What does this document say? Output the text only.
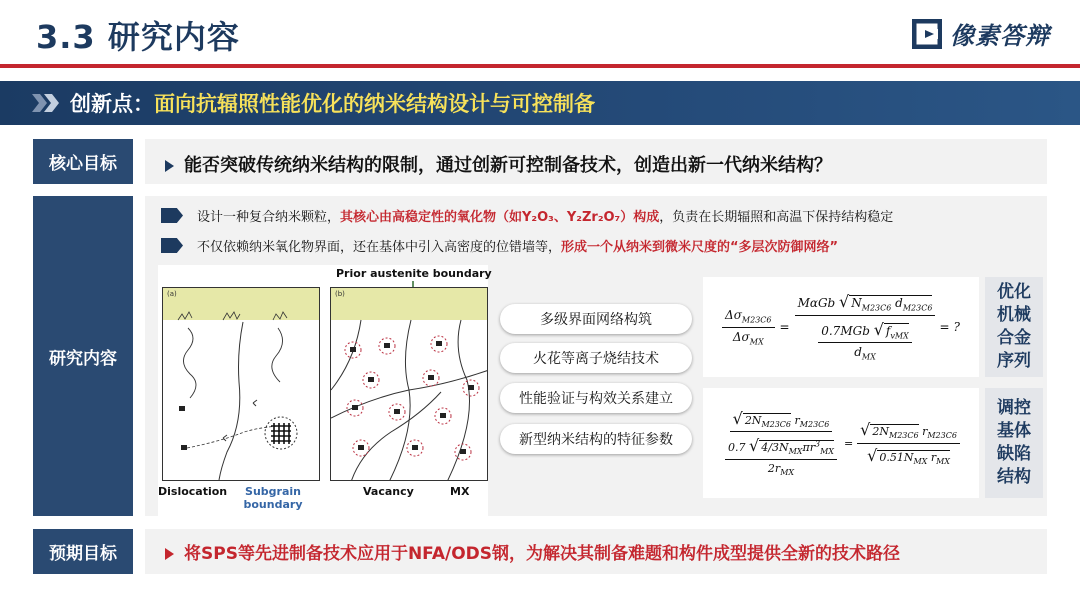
3.3 研究内容	像素答辩
创新点： 面向抗辐照性能优化的纳米结构设计与可控制备
核心目标	能否突破传统纳米结构的限制，通过创新可控制备技术，创造出新一代纳米结构？
研究内容
设计一种复合纳米颗粒， 其核心由高稳定性的氧化物（如Y₂O₃、Y₂Zr₂O₇）构成 ，负责在长期辐照和高温下保持结构稳定
不仅依赖纳米氧化物界面，还在基体中引入高密度的位错墙等， 形成一个从纳米到微米尺度的“多层次防御网络”
Prior austenite boundary
(a)	(b)
Dislocation Subgrain boundary
Vacancy	MX
多级界面网络构筑
火花等离子烧结技术
性能验证与构效关系建立
新型纳米结构的特征参数
$\frac{\Delta\sigma_{M23C6}}{\Delta\sigma_{MX}} = \frac{M\alpha Gb √ N_{M23C6} d_{M23C6}}{\frac{0.7MGb √ f_{vMX}}{d_{MX}}}$ = ?
$\frac{√ 2N_{M23C6} r_{M23C6}}{\frac{0.7 √ 4/3N_{MX}\pi r^3_{MX}}{2r_{MX}}} = \frac{√ 2N_{M23C6} r_{M23C6}}{√ 0.51N_{MX} r_{MX}}$
优化机械合金序列
调控基体缺陷结构
预期目标	将SPS等先进制备技术应用于NFA/ODS钢，为解决其制备难题和构件成型提供全新的技术路径
